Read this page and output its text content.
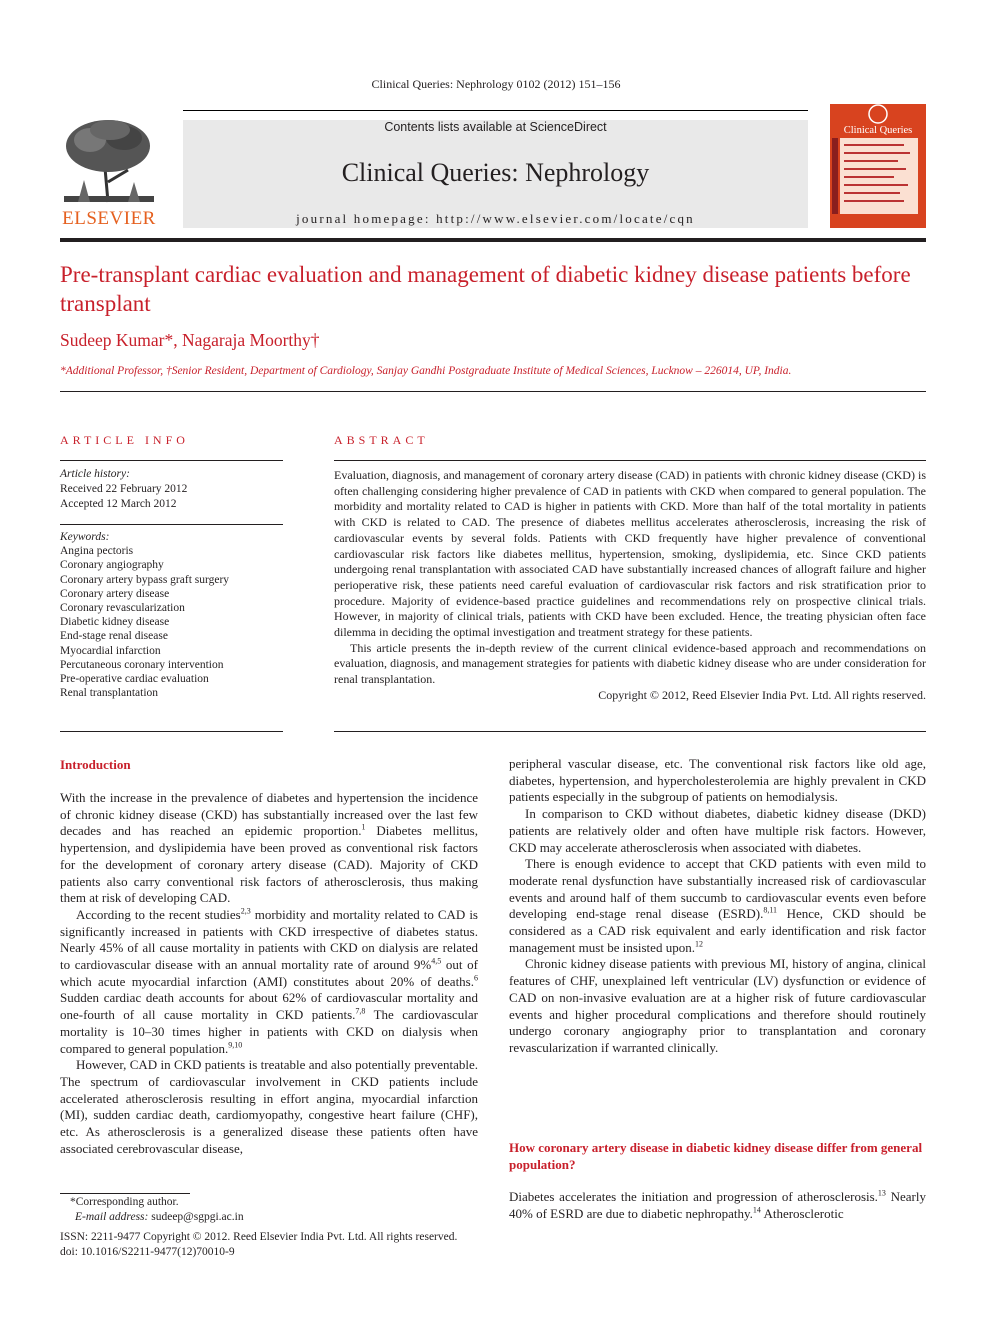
Clinical Queries: Nephrology 0102 (2012) 151–156
ELSEVIER
Contents lists available at ScienceDirect
Clinical Queries: Nephrology
journal homepage: http://www.elsevier.com/locate/cqn
Clinical Queries
Pre-transplant cardiac evaluation and management of diabetic kidney disease patients before transplant
Sudeep Kumar*, Nagaraja Moorthy†
*Additional Professor, †Senior Resident, Department of Cardiology, Sanjay Gandhi Postgraduate Institute of Medical Sciences, Lucknow – 226014, UP, India.
ARTICLE INFO
Article history:
Received 22 February 2012
Accepted 12 March 2012
Keywords:
Angina pectoris
Coronary angiography
Coronary artery bypass graft surgery
Coronary artery disease
Coronary revascularization
Diabetic kidney disease
End-stage renal disease
Myocardial infarction
Percutaneous coronary intervention
Pre-operative cardiac evaluation
Renal transplantation
ABSTRACT

Evaluation, diagnosis, and management of coronary artery disease (CAD) in patients with chronic kidney disease (CKD) is often challenging considering higher prevalence of CAD in patients with CKD when compared to general population. The morbidity and mortality related to CAD is higher in patients with CKD. More than half of the total mortality in patients with CKD is related to CAD. The presence of diabetes mellitus accelerates atherosclerosis, increasing the risk of cardiovascular events by several folds. Patients with CKD frequently have higher prevalence of conventional cardiovascular risk factors like diabetes mellitus, hypertension, smoking, dyslipidemia, etc. Since CKD patients undergoing renal transplantation with associated CAD have substantially increased chances of allograft failure and higher perioperative risk, these patients need careful evaluation of cardiovascular risk factors and risk stratification prior to procedure. Majority of evidence-based practice guidelines and recommendations rely on prospective clinical trials. However, in majority of clinical trials, patients with CKD have been excluded. Hence, the treating physician often face dilemma in deciding the optimal investigation and treatment strategy for these patients.

This article presents the in-depth review of the current clinical evidence-based approach and recommendations on evaluation, diagnosis, and management strategies for patients with diabetic kidney disease who are under consideration for renal transplantation.

Copyright © 2012, Reed Elsevier India Pvt. Ltd. All rights reserved.
Introduction

With the increase in the prevalence of diabetes and hypertension the incidence of chronic kidney disease (CKD) has substantially increased over the last few decades and has reached an epidemic proportion.$^1$ Diabetes mellitus, hypertension, and dyslipidemia have been proved as conventional risk factors for the development of coronary artery disease (CAD). Majority of CKD patients also carry conventional risk factors of atherosclerosis, thus making them at risk of developing CAD.

According to the recent studies$^{2,3}$ morbidity and mortality related to CAD is significantly increased in patients with CKD irrespective of diabetes status. Nearly 45% of all cause mortality in patients with CKD on dialysis are related to cardiovascular disease with an annual mortality rate of around 9%$^{4,5}$ out of which acute myocardial infarction (AMI) constitutes about 20% of deaths.$^6$ Sudden cardiac death accounts for about 62% of cardiovascular mortality and one-fourth of all cause mortality in CKD patients.$^{7,8}$ The cardiovascular mortality is 10–30 times higher in patients with CKD on dialysis when compared to general population.$^{9,10}$

However, CAD in CKD patients is treatable and also potentially preventable. The spectrum of cardiovascular involvement in CKD patients include accelerated atherosclerosis resulting in effort angina, myocardial infarction (MI), sudden cardiac death, cardiomyopathy, congestive heart failure (CHF), etc. As atherosclerosis is a generalized disease these patients often have associated cerebrovascular disease,

peripheral vascular disease, etc. The conventional risk factors like old age, diabetes, hypertension, and hypercholesterolemia are highly prevalent in CKD patients especially in the subgroup of patients on hemodialysis.

In comparison to CKD without diabetes, diabetic kidney disease (DKD) patients are relatively older and often have multiple risk factors. However, CKD may accelerate atherosclerosis when associated with diabetes.

There is enough evidence to accept that CKD patients with even mild to moderate renal dysfunction have substantially increased risk of cardiovascular events and around half of them succumb to cardiovascular events even before developing end-stage renal disease (ESRD).$^{8,11}$ Hence, CKD should be considered as a CAD risk equivalent and early identification and risk factor management must be insisted upon.$^{12}$

Chronic kidney disease patients with previous MI, history of angina, clinical features of CHF, unexplained left ventricular (LV) dysfunction or evidence of CAD on non-invasive evaluation are at a higher risk of future cardiovascular events and higher procedural complications and therefore should routinely undergo coronary angiography prior to transplantation and coronary revascularization if warranted clinically.

How coronary artery disease in diabetic kidney disease differ from general population?

Diabetes accelerates the initiation and progression of atherosclerosis.$^{13}$ Nearly 40% of ESRD are due to diabetic nephropathy.$^{14}$ Atherosclerotic

*Corresponding author.
E-mail address: sudeep@sgpgi.ac.in
ISSN: 2211-9477 Copyright © 2012. Reed Elsevier India Pvt. Ltd. All rights reserved.
doi: 10.1016/S2211-9477(12)70010-9
